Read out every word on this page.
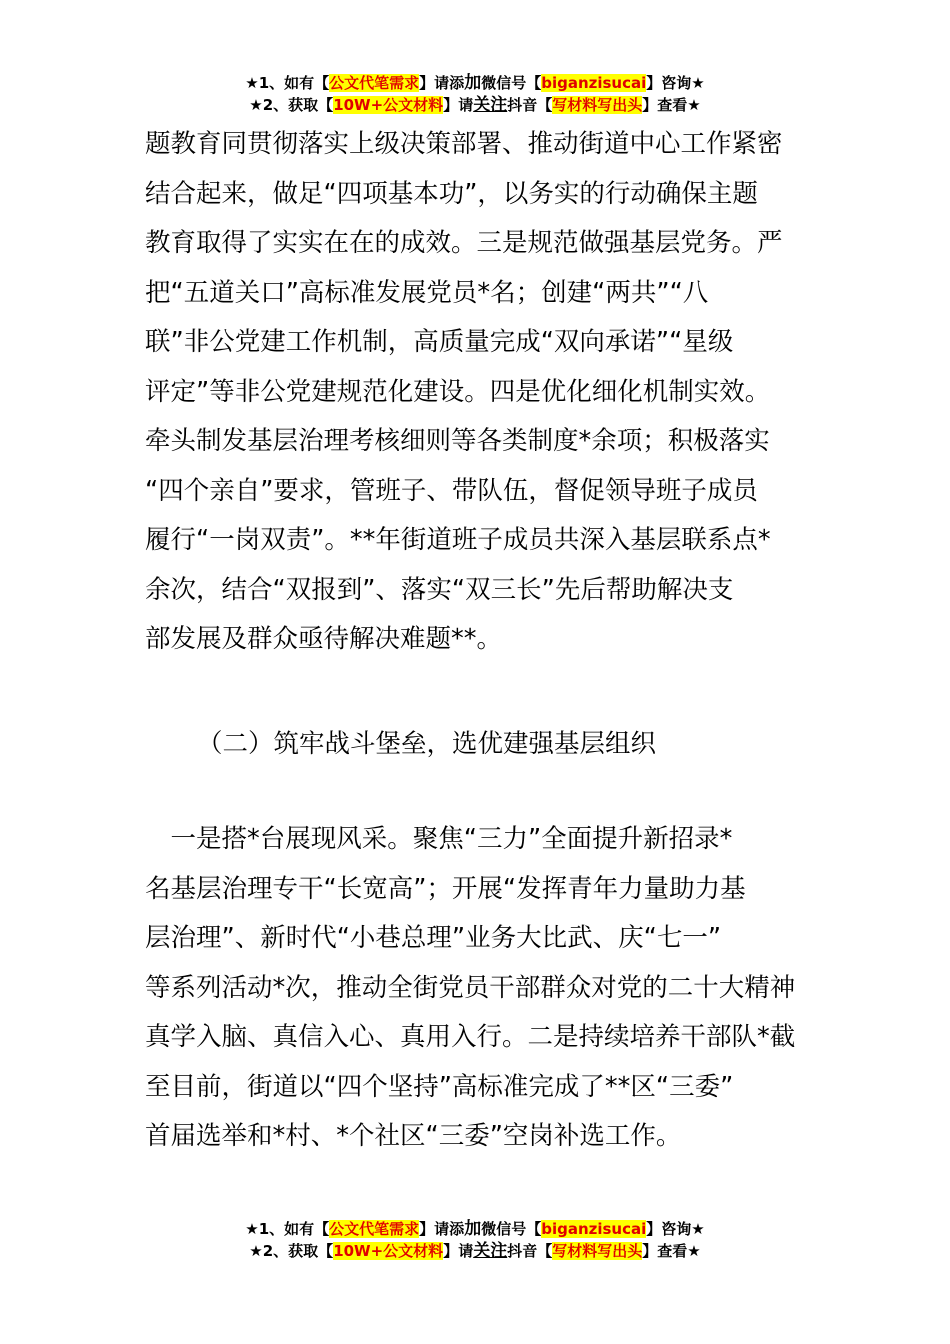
★1、如有【公文代笔需求】请添加微信号【biganzisucai】咨询★
★2、获取【10W+公文材料】请关注抖音【写材料写出头】查看★

题教育同贯彻落实上级决策部署、推动街道中心工作紧密
结合起来，做足“四项基本功”，以务实的行动确保主题
教育取得了实实在在的成效。三是规范做强基层党务。严
把“五道关口”高标准发展党员*名；创建“两共”“八
联”非公党建工作机制，高质量完成“双向承诺”“星级
评定”等非公党建规范化建设。四是优化细化机制实效。
牵头制发基层治理考核细则等各类制度*余项；积极落实
“四个亲自”要求，管班子、带队伍，督促领导班子成员
履行“一岗双责”。**年街道班子成员共深入基层联系点*
余次，结合“双报到”、落实“双三长”先后帮助解决支
部发展及群众亟待解决难题**。

（二）筑牢战斗堡垒，选优建强基层组织

　一是搭*台展现风采。聚焦“三力”全面提升新招录*
名基层治理专干“长宽高”；开展“发挥青年力量助力基
层治理”、新时代“小巷总理”业务大比武、庆“七一”
等系列活动*次，推动全街党员干部群众对党的二十大精神
真学入脑、真信入心、真用入行。二是持续培养干部队*截
至目前，街道以“四个坚持”高标准完成了**区“三委”
首届选举和*村、*个社区“三委”空岗补选工作。

★1、如有【公文代笔需求】请添加微信号【biganzisucai】咨询★
★2、获取【10W+公文材料】请关注抖音【写材料写出头】查看★
